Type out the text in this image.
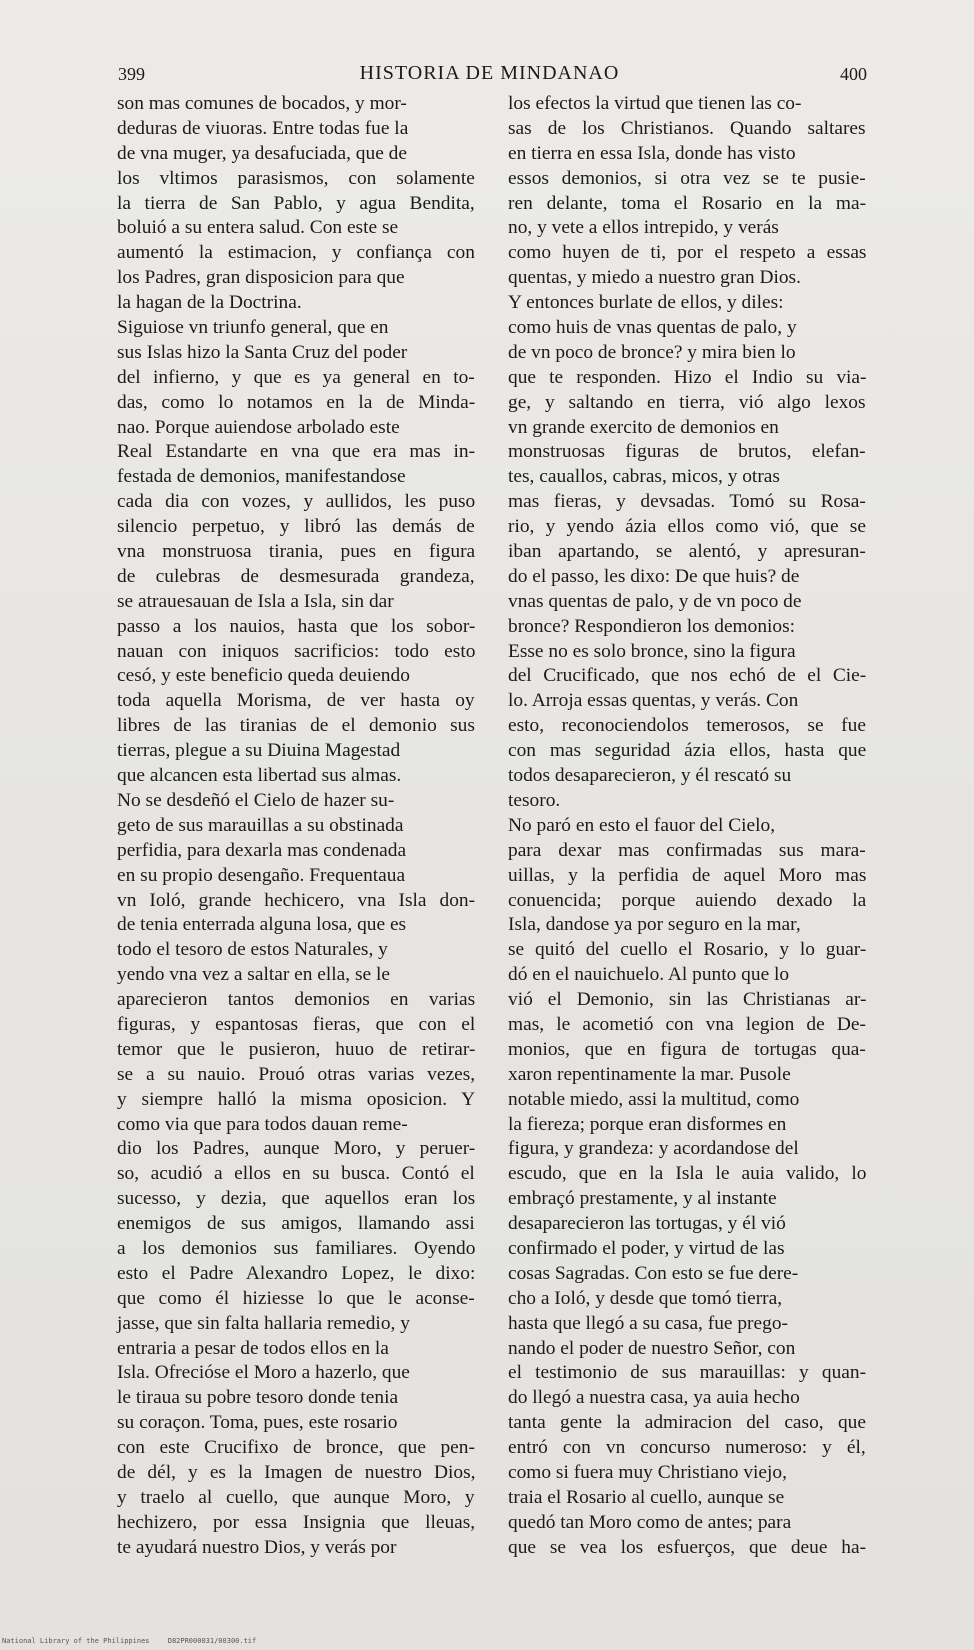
399	HISTORIA DE MINDANAO	400
son mas comunes de bocados, y mor-
deduras de viuoras. Entre todas fue la
de vna muger, ya desafuciada, que de
los vltimos parasismos, con solamente
la tierra de San Pablo, y agua Bendita,
boluió a su entera salud. Con este se
aumentó la estimacion, y confiança con
los Padres, gran disposicion para que
la hagan de la Doctrina.
Siguiose vn triunfo general, que en
sus Islas hizo la Santa Cruz del poder
del infierno, y que es ya general en to-
das, como lo notamos en la de Minda-
nao. Porque auiendose arbolado este
Real Estandarte en vna que era mas in-
festada de demonios, manifestandose
cada dia con vozes, y aullidos, les puso
silencio perpetuo, y libró las demás de
vna monstruosa tirania, pues en figura
de culebras de desmesurada grandeza,
se atrauesauan de Isla a Isla, sin dar
passo a los nauios, hasta que los sobor-
nauan con iniquos sacrificios: todo esto
cesó, y este beneficio queda deuiendo
toda aquella Morisma, de ver hasta oy
libres de las tiranias de el demonio sus
tierras, plegue a su Diuina Magestad
que alcancen esta libertad sus almas.
No se desdeñó el Cielo de hazer su-
geto de sus marauillas a su obstinada
perfidia, para dexarla mas condenada
en su propio desengaño. Frequentaua
vn Ioló, grande hechicero, vna Isla don-
de tenia enterrada alguna losa, que es
todo el tesoro de estos Naturales, y
yendo vna vez a saltar en ella, se le
aparecieron tantos demonios en varias
figuras, y espantosas fieras, que con el
temor que le pusieron, huuo de retirar-
se a su nauio. Prouó otras varias vezes,
y siempre halló la misma oposicion. Y
como via que para todos dauan reme-
dio los Padres, aunque Moro, y peruer-
so, acudió a ellos en su busca. Contó el
sucesso, y dezia, que aquellos eran los
enemigos de sus amigos, llamando assi
a los demonios sus familiares. Oyendo
esto el Padre Alexandro Lopez, le dixo:
que como él hiziesse lo que le aconse-
jasse, que sin falta hallaria remedio, y
entraria a pesar de todos ellos en la
Isla. Ofrecióse el Moro a hazerlo, que
le tiraua su pobre tesoro donde tenia
su coraçon. Toma, pues, este rosario
con este Crucifixo de bronce, que pen-
de dél, y es la Imagen de nuestro Dios,
y traelo al cuello, que aunque Moro, y
hechizero, por essa Insignia que lleuas,
te ayudará nuestro Dios, y verás por
los efectos la virtud que tienen las co-
sas de los Christianos. Quando saltares
en tierra en essa Isla, donde has visto
essos demonios, si otra vez se te pusie-
ren delante, toma el Rosario en la ma-
no, y vete a ellos intrepido, y verás
como huyen de ti, por el respeto a essas
quentas, y miedo a nuestro gran Dios.
Y entonces burlate de ellos, y diles:
como huis de vnas quentas de palo, y
de vn poco de bronce? y mira bien lo
que te responden. Hizo el Indio su via-
ge, y saltando en tierra, vió algo lexos
vn grande exercito de demonios en
monstruosas figuras de brutos, elefan-
tes, cauallos, cabras, micos, y otras
mas fieras, y devsadas. Tomó su Rosa-
rio, y yendo ázia ellos como vió, que se
iban apartando, se alentó, y apresuran-
do el passo, les dixo: De que huis? de
vnas quentas de palo, y de vn poco de
bronce? Respondieron los demonios:
Esse no es solo bronce, sino la figura
del Crucificado, que nos echó de el Cie-
lo. Arroja essas quentas, y verás. Con
esto, reconociendolos temerosos, se fue
con mas seguridad ázia ellos, hasta que
todos desaparecieron, y él rescató su
tesoro.
No paró en esto el fauor del Cielo,
para dexar mas confirmadas sus mara-
uillas, y la perfidia de aquel Moro mas
conuencida; porque auiendo dexado la
Isla, dandose ya por seguro en la mar,
se quitó del cuello el Rosario, y lo guar-
dó en el nauichuelo. Al punto que lo
vió el Demonio, sin las Christianas ar-
mas, le acometió con vna legion de De-
monios, que en figura de tortugas qua-
xaron repentinamente la mar. Pusole
notable miedo, assi la multitud, como
la fiereza; porque eran disformes en
figura, y grandeza: y acordandose del
escudo, que en la Isla le auia valido, lo
embraçó prestamente, y al instante
desaparecieron las tortugas, y él vió
confirmado el poder, y virtud de las
cosas Sagradas. Con esto se fue dere-
cho a Ioló, y desde que tomó tierra,
hasta que llegó a su casa, fue prego-
nando el poder de nuestro Señor, con
el testimonio de sus marauillas: y quan-
do llegó a nuestra casa, ya auia hecho
tanta gente la admiracion del caso, que
entró con vn concurso numeroso: y él,
como si fuera muy Christiano viejo,
traia el Rosario al cuello, aunque se
quedó tan Moro como de antes; para
que se vea los esfuerços, que deue ha-
National Library of the Philippines	D82PR000031/00300.tif
